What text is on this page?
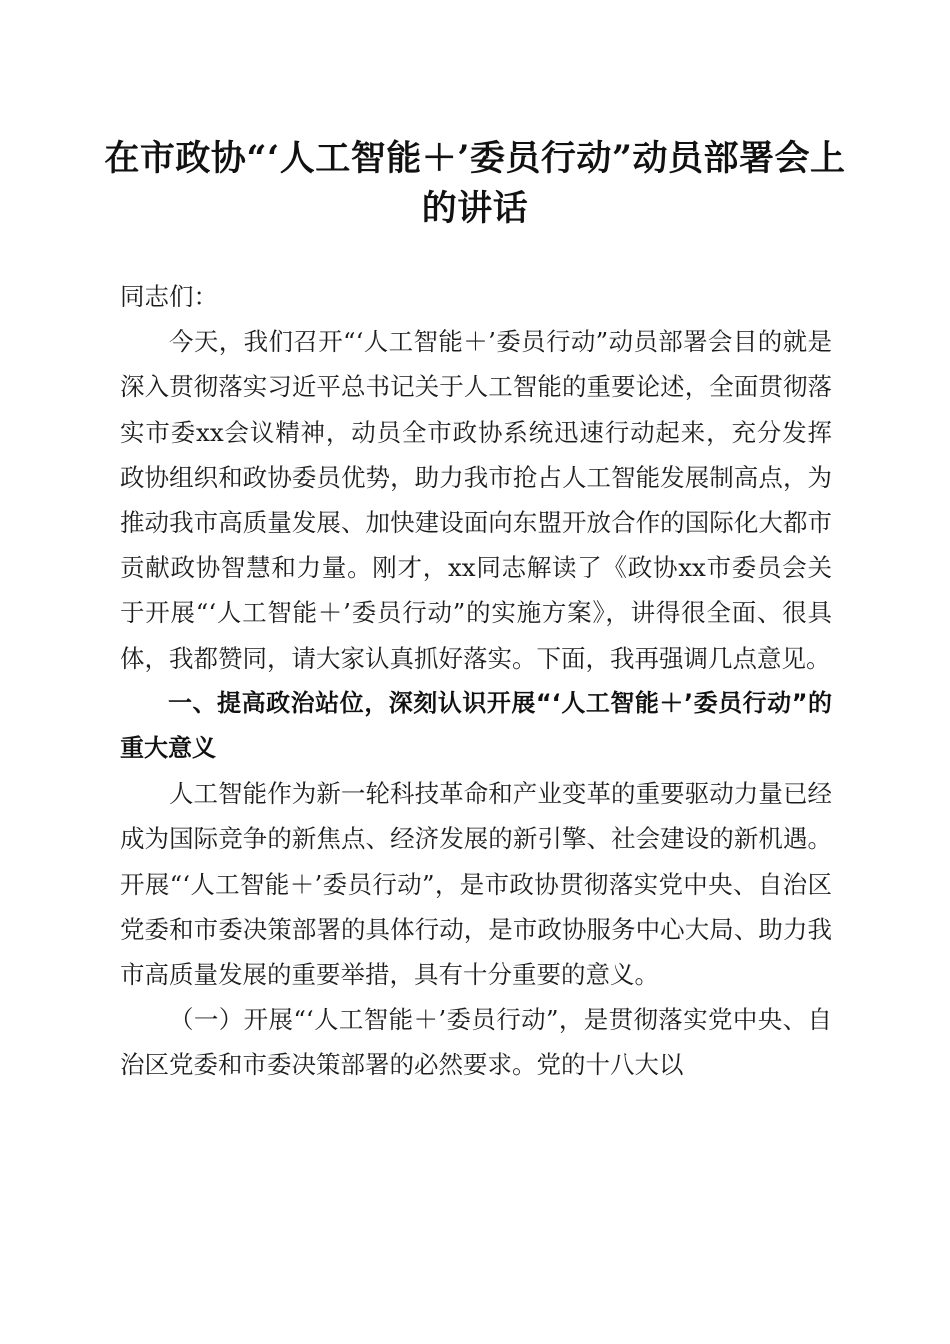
在市政协“‘人工智能＋’委员行动”动员部署会上的讲话

同志们：

今天，我们召开“‘人工智能＋’委员行动”动员部署会目的就是深入贯彻落实习近平总书记关于人工智能的重要论述，全面贯彻落实市委xx会议精神，动员全市政协系统迅速行动起来，充分发挥政协组织和政协委员优势，助力我市抢占人工智能发展制高点，为推动我市高质量发展、加快建设面向东盟开放合作的国际化大都市贡献政协智慧和力量。刚才，xx同志解读了《政协xx市委员会关于开展“‘人工智能＋’委员行动”的实施方案》，讲得很全面、很具体，我都赞同，请大家认真抓好落实。下面，我再强调几点意见。

一、提高政治站位，深刻认识开展“‘人工智能＋’委员行动”的重大意义

人工智能作为新一轮科技革命和产业变革的重要驱动力量已经成为国际竞争的新焦点、经济发展的新引擎、社会建设的新机遇。开展“‘人工智能＋’委员行动”，是市政协贯彻落实党中央、自治区党委和市委决策部署的具体行动，是市政协服务中心大局、助力我市高质量发展的重要举措，具有十分重要的意义。

（一）开展“‘人工智能＋’委员行动”，是贯彻落实党中央、自治区党委和市委决策部署的必然要求。党的十八大以
